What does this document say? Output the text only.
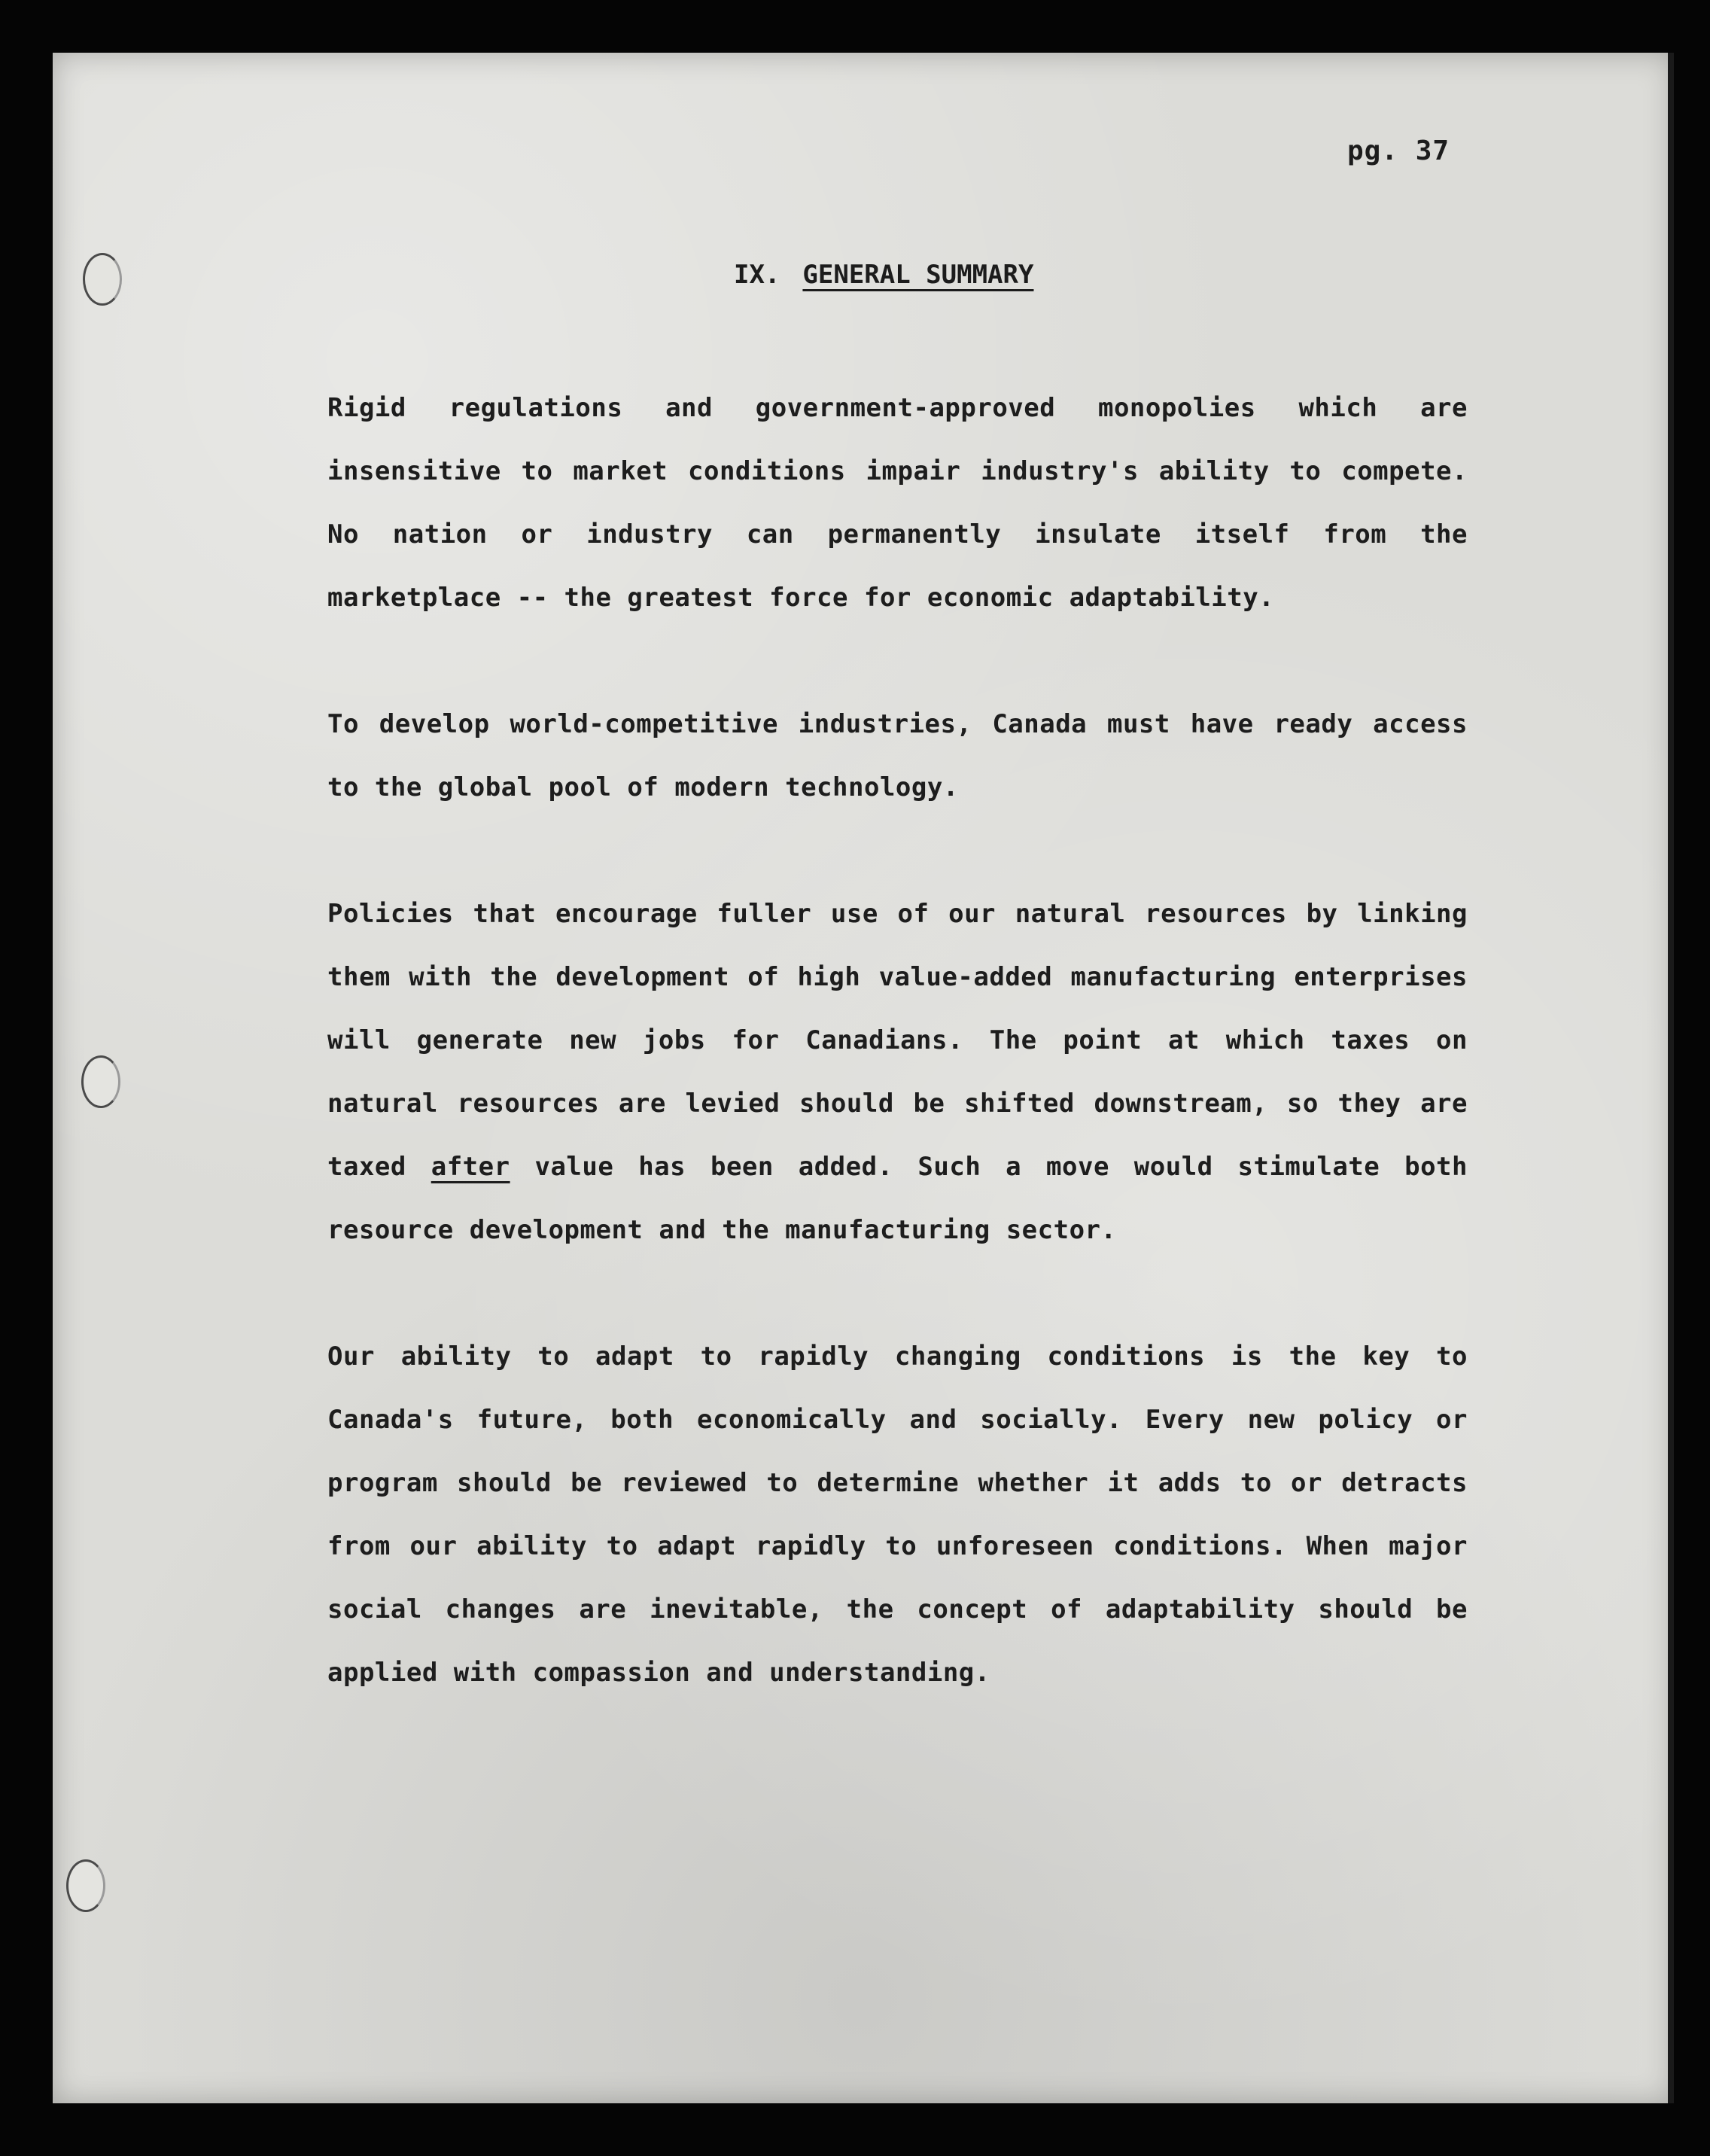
pg. 37
IX. GENERAL SUMMARY

Rigid regulations and government-approved monopolies which are insensitive to market conditions impair industry's ability to compete. No nation or industry can permanently insulate itself from the marketplace -- the greatest force for economic adaptability.

To develop world-competitive industries, Canada must have ready access to the global pool of modern technology.

Policies that encourage fuller use of our natural resources by linking them with the development of high value-added manufacturing enterprises will generate new jobs for Canadians. The point at which taxes on natural resources are levied should be shifted downstream, so they are taxed after value has been added. Such a move would stimulate both resource development and the manufacturing sector.

Our ability to adapt to rapidly changing conditions is the key to Canada's future, both economically and socially. Every new policy or program should be reviewed to determine whether it adds to or detracts from our ability to adapt rapidly to unforeseen conditions. When major social changes are inevitable, the concept of adaptability should be applied with compassion and understanding.
